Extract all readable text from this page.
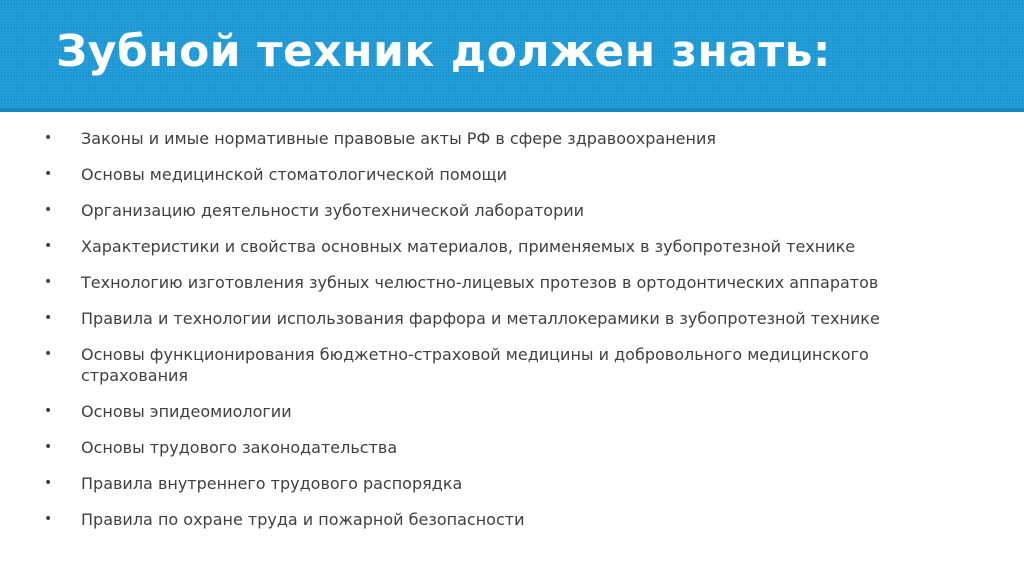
Зубной техник должен знать:
• Законы и имые нормативные правовые акты РФ в сфере здравоохранения
• Основы медицинской стоматологической помощи
• Организацию деятельности зуботехнической лаборатории
• Характеристики и свойства основных материалов, применяемых в зубопротезной технике
• Технологию изготовления зубных челюстно-лицевых протезов в ортодонтических аппаратов
• Правила и технологии использования фарфора и металлокерамики в зубопротезной технике
• Основы функционирования бюджетно-страховой медицины и добровольного медицинского страхования
• Основы эпидеомиологии
• Основы трудового законодательства
• Правила внутреннего трудового распорядка
• Правила по охране труда и пожарной безопасности
